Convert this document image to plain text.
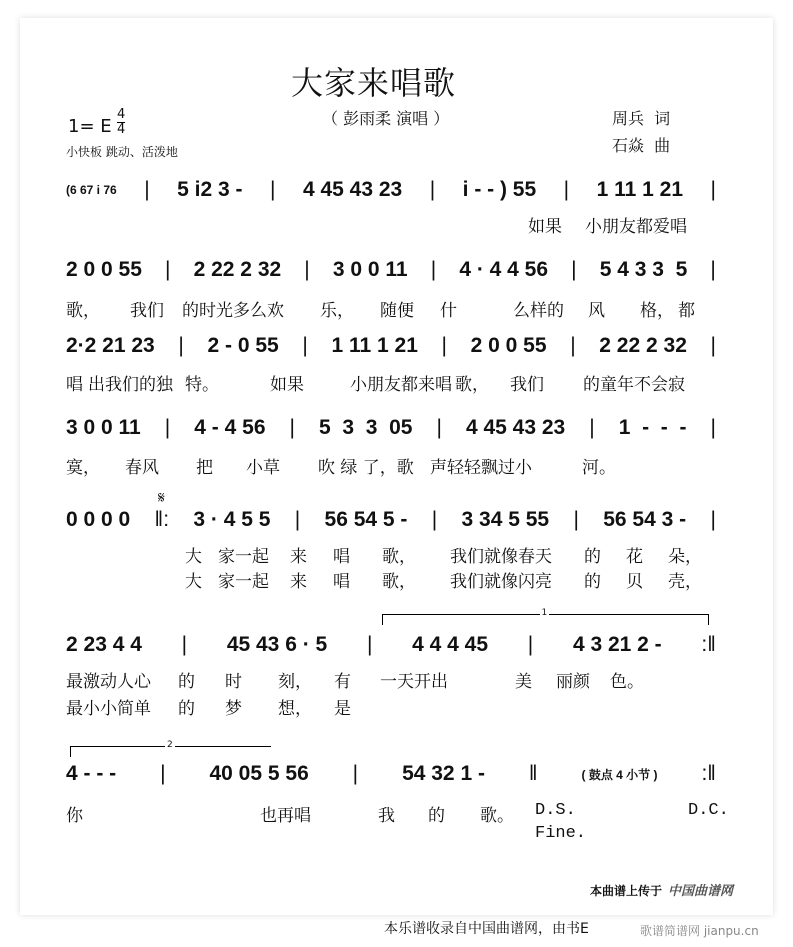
大家来唱歌
（ 彭雨柔 演唱 ）	周兵  词
石焱  曲
1= E
4
4
小快板 跳动、活泼地
(6 67 i 76 | 5 i2 3 - | 4 45 43 23 | i - - ) 55 | 1 11 1 21 |
如果 小朋友都爱唱
2 0 0 55 | 2 22 2 32 | 3 0 0 11 | 4 · 4 4 56 | 5 4 3 3  5 |
歌， 我们 的时光多么欢 乐， 随便 什	么样的 风 格， 都
2·2 21 23 | 2 - 0 55 | 1 11 1 21 | 2 0 0 55 | 2 22 2 32 |
唱 出我们的独 特。	如果	小朋友都来唱 歌， 我们 的童年不会寂
3 0 0 11 | 4 - 4 56 | 5  3  3  05 | 4 45 43 23 | 1  -  -  - |
寞， 春风 把 小草 吹 绿 了，歌 声轻轻飘过小	河。
0 0 0 0 ‖: 3 · 4 5 5 | 56 54 5 - | 3 34 5 55 | 56 54 3 - |
大 家一起 来 唱 歌， 我们就像春天 的 花 朵，
大 家一起 来 唱 歌， 我们就像闪亮 的 贝 壳，
2 23 4 4 | 45 43 6 · 5 | 4 4 4 45 | 4 3 21 2 - :‖
最激动人心 的 时 刻， 有 一天开出	美 丽颜 色。
最小小简单 的 梦 想， 是
1
4 - - - | 40 05 5 56 | 54 32 1 - ‖	( 鼓点 4 小节 ) :‖
你	也再唱	我 的 歌。 D.S.	D.C.
Fine.
2
𝄋
本曲谱上传于 中国曲谱网
本乐谱收录自中国曲谱网，由书E	歌谱简谱网 jianpu.cn
